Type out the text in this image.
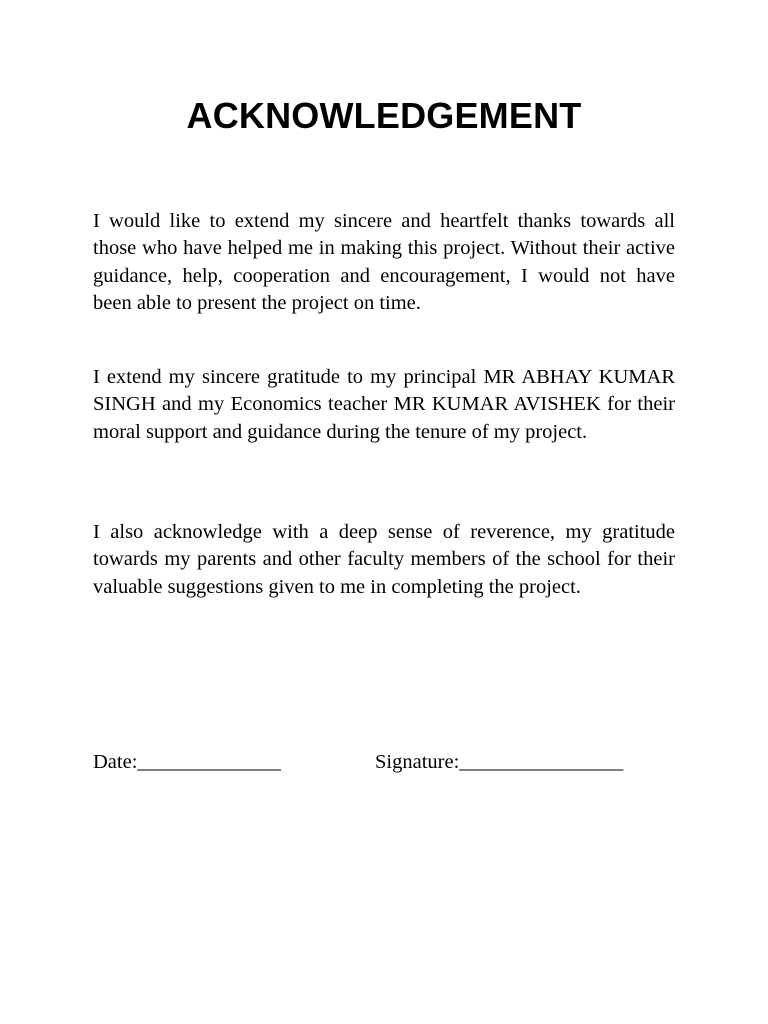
ACKNOWLEDGEMENT

I would like to extend my sincere and heartfelt thanks towards all those who have helped me in making this project. Without their active guidance, help, cooperation and encouragement, I would not have been able to present the project on time.

I extend my sincere gratitude to my principal MR ABHAY KUMAR SINGH and my Economics teacher MR KUMAR AVISHEK for their moral support and guidance during the tenure of my project.

I also acknowledge with a deep sense of reverence, my gratitude towards my parents and other faculty members of the school for their valuable suggestions given to me in completing the project.

Date:______________	Signature:________________
